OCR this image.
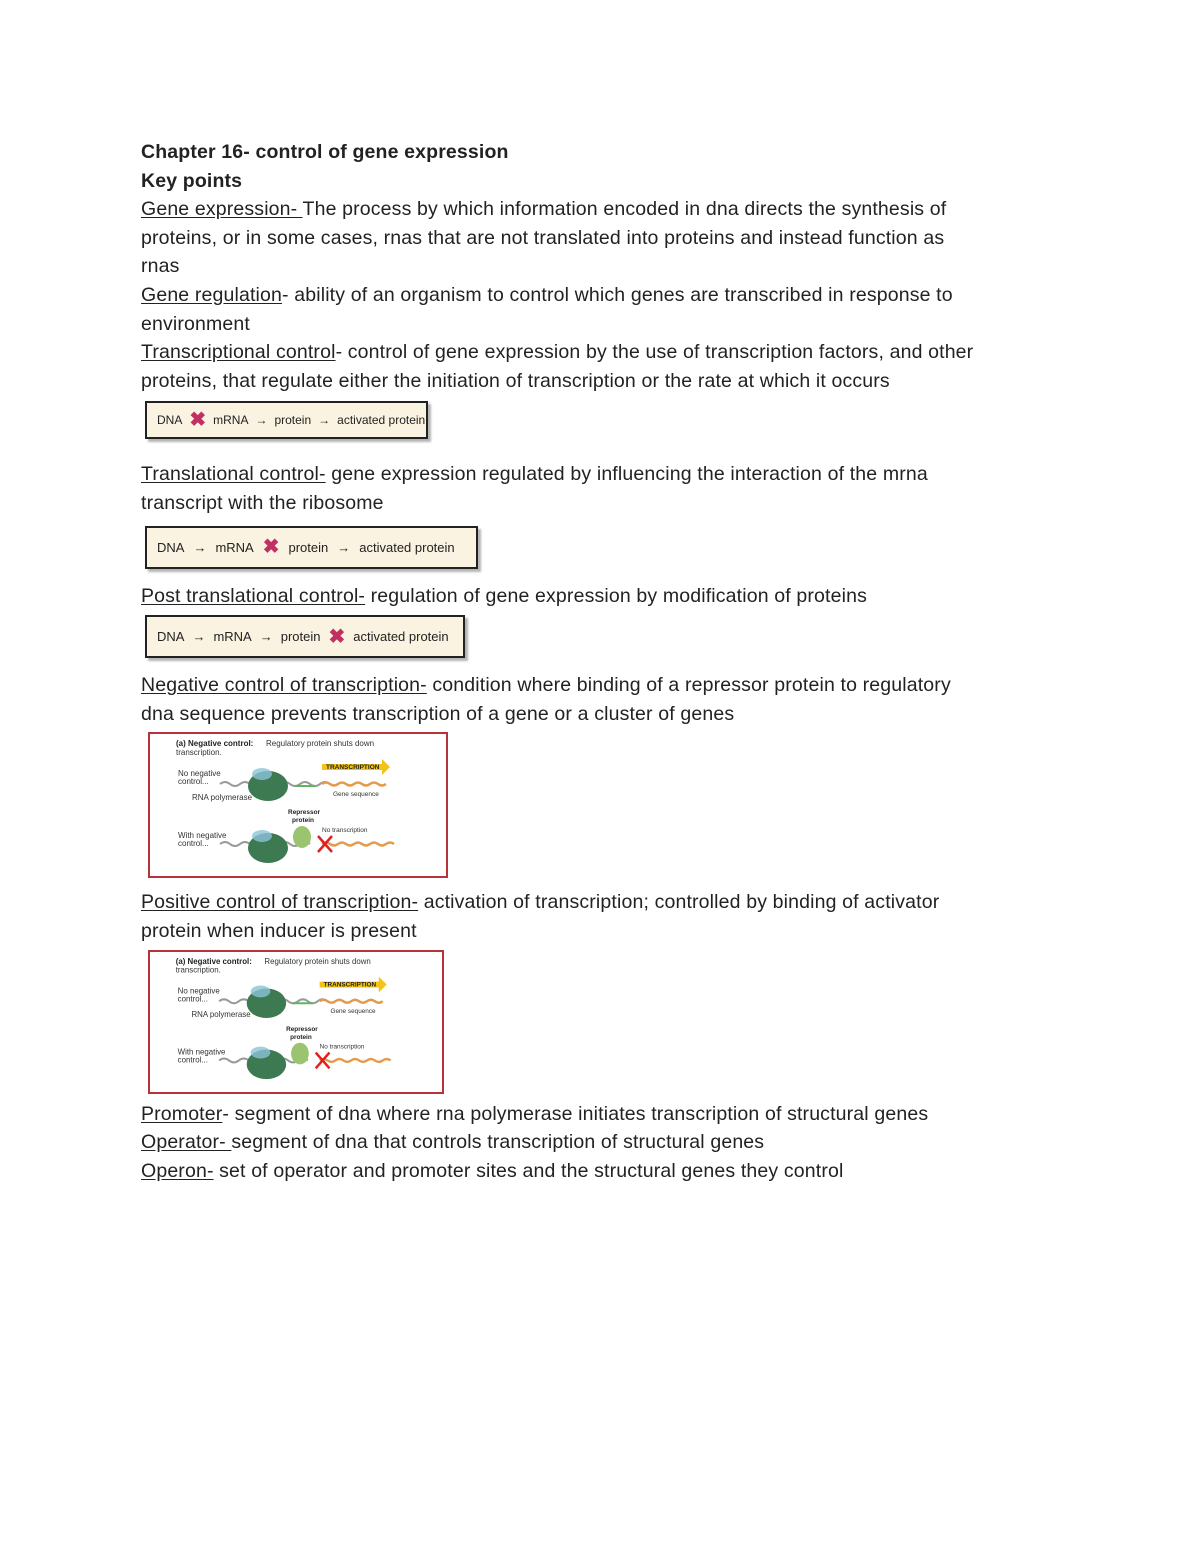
Chapter 16- control of gene expression
Key points
Gene expression- The process by which information encoded in dna directs the synthesis of
proteins, or in some cases, rnas that are not translated into proteins and instead function as
rnas
Gene regulation- ability of an organism to control which genes are transcribed in response to
environment
Transcriptional control- control of gene expression by the use of transcription factors, and other
proteins, that regulate either the initiation of transcription or the rate at which it occurs
DNA ✖ mRNA → protein → activated protein
Translational control- gene expression regulated by influencing the interaction of the mrna
transcript with the ribosome
DNA → mRNA ✖ protein → activated protein
Post translational control- regulation of gene expression by modification of proteins
DNA → mRNA → protein ✖ activated protein
Negative control of transcription- condition where binding of a repressor protein to regulatory
dna sequence prevents transcription of a gene or a cluster of genes
(a) Negative control: Regulatory protein shuts down
transcription.
No negative
control...
RNA polymerase
TRANSCRIPTION
Gene sequence
Repressor
protein
No transcription
With negative
control...
Positive control of transcription- activation of transcription; controlled by binding of activator
protein when inducer is present
(a) Negative control: Regulatory protein shuts down
transcription.
No negative
control...
RNA polymerase
TRANSCRIPTION
Gene sequence
Repressor
protein
No transcription
With negative
control...
Promoter- segment of dna where rna polymerase initiates transcription of structural genes
Operator- segment of dna that controls transcription of structural genes
Operon- set of operator and promoter sites and the structural genes they control
